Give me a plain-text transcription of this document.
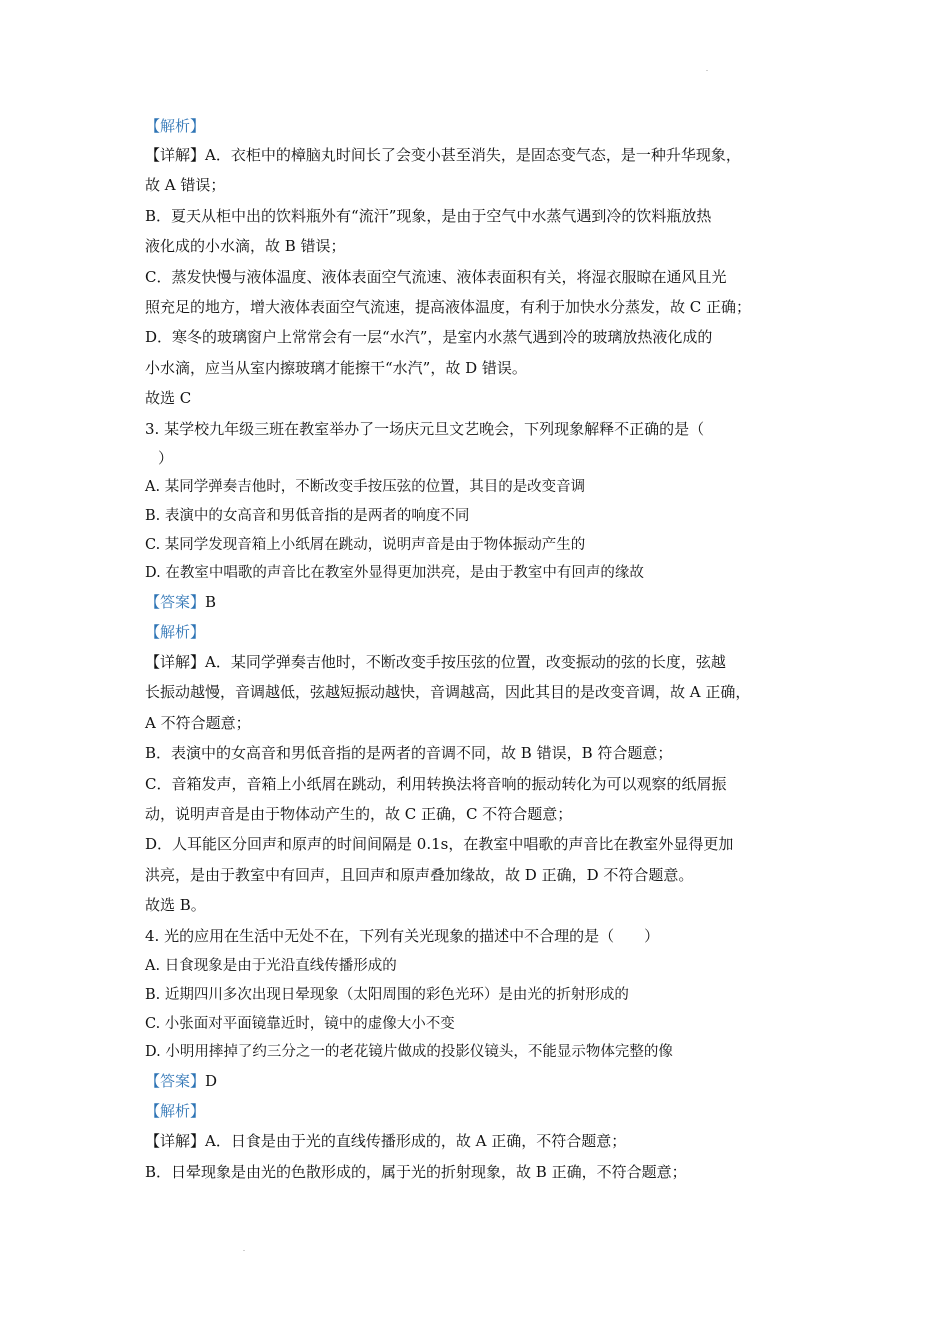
【解析】
【详解】A．衣柜中的樟脑丸时间长了会变小甚至消失，是固态变气态，是一种升华现象，
故 A 错误；
B．夏天从柜中出的饮料瓶外有“流汗”现象，是由于空气中水蒸气遇到冷的饮料瓶放热
液化成的小水滴，故 B 错误；
C．蒸发快慢与液体温度、液体表面空气流速、液体表面积有关，将湿衣服晾在通风且光
照充足的地方，增大液体表面空气流速，提高液体温度，有利于加快水分蒸发，故 C 正确；
D．寒冬的玻璃窗户上常常会有一层“水汽”，是室内水蒸气遇到冷的玻璃放热液化成的
小水滴，应当从室内擦玻璃才能擦干“水汽”，故 D 错误。
故选 C
3. 某学校九年级三班在教室举办了一场庆元旦文艺晚会，下列现象解释不正确的是（
）
A. 某同学弹奏吉他时，不断改变手按压弦的位置，其目的是改变音调
B. 表演中的女高音和男低音指的是两者的响度不同
C. 某同学发现音箱上小纸屑在跳动，说明声音是由于物体振动产生的
D. 在教室中唱歌的声音比在教室外显得更加洪亮，是由于教室中有回声的缘故
【答案】B
【解析】
【详解】A．某同学弹奏吉他时，不断改变手按压弦的位置，改变振动的弦的长度，弦越
长振动越慢，音调越低，弦越短振动越快，音调越高，因此其目的是改变音调，故 A 正确，
A 不符合题意；
B．表演中的女高音和男低音指的是两者的音调不同，故 B 错误，B 符合题意；
C．音箱发声，音箱上小纸屑在跳动，利用转换法将音响的振动转化为可以观察的纸屑振
动，说明声音是由于物体动产生的，故 C 正确，C 不符合题意；
D．人耳能区分回声和原声的时间间隔是 0.1s，在教室中唱歌的声音比在教室外显得更加
洪亮，是由于教室中有回声，且回声和原声叠加缘故，故 D 正确，D 不符合题意。
故选 B。
4. 光的应用在生活中无处不在，下列有关光现象的描述中不合理的是（　　）
A. 日食现象是由于光沿直线传播形成的
B. 近期四川多次出现日晕现象（太阳周围的彩色光环）是由光的折射形成的
C. 小张面对平面镜靠近时，镜中的虚像大小不变
D. 小明用摔掉了约三分之一的老花镜片做成的投影仪镜头，不能显示物体完整的像
【答案】D
【解析】
【详解】A．日食是由于光的直线传播形成的，故 A 正确，不符合题意；
B．日晕现象是由光的色散形成的，属于光的折射现象，故 B 正确，不符合题意；
